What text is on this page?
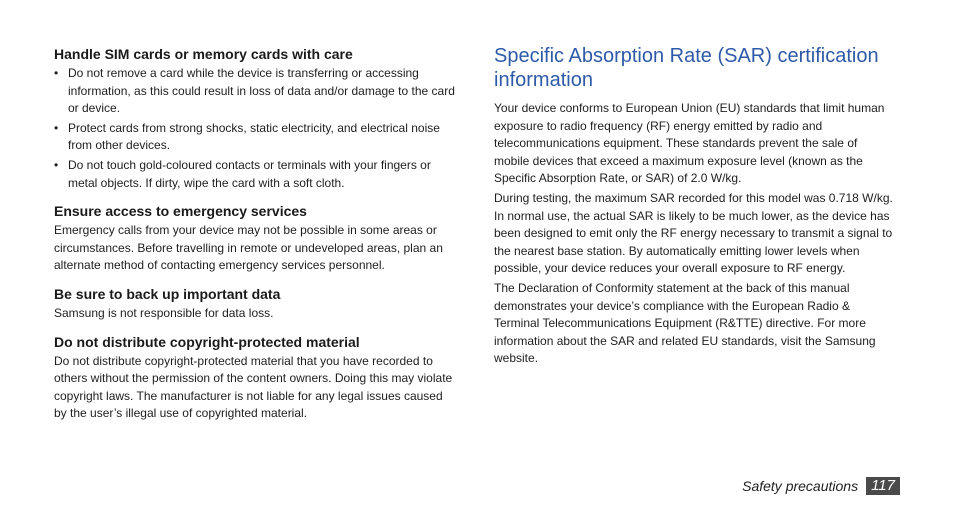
Handle SIM cards or memory cards with care
• Do not remove a card while the device is transferring or accessing information, as this could result in loss of data and/or damage to the card or device.
• Protect cards from strong shocks, static electricity, and electrical noise from other devices.
• Do not touch gold-coloured contacts or terminals with your fingers or metal objects. If dirty, wipe the card with a soft cloth.
Ensure access to emergency services

Emergency calls from your device may not be possible in some areas or circumstances. Before travelling in remote or undeveloped areas, plan an alternate method of contacting emergency services personnel.

Be sure to back up important data

Samsung is not responsible for data loss.

Do not distribute copyright-protected material

Do not distribute copyright-protected material that you have recorded to others without the permission of the content owners. Doing this may violate copyright laws. The manufacturer is not liable for any legal issues caused by the user’s illegal use of copyrighted material.

Specific Absorption Rate (SAR) certification information

Your device conforms to European Union (EU) standards that limit human exposure to radio frequency (RF) energy emitted by radio and telecommunications equipment. These standards prevent the sale of mobile devices that exceed a maximum exposure level (known as the Specific Absorption Rate, or SAR) of 2.0 W/kg.

During testing, the maximum SAR recorded for this model was 0.718 W/kg. In normal use, the actual SAR is likely to be much lower, as the device has been designed to emit only the RF energy necessary to transmit a signal to the nearest base station. By automatically emitting lower levels when possible, your device reduces your overall exposure to RF energy.

The Declaration of Conformity statement at the back of this manual demonstrates your device’s compliance with the European Radio & Terminal Telecommunications Equipment (R&TTE) directive. For more information about the SAR and related EU standards, visit the Samsung website.

Safety precautions 117
